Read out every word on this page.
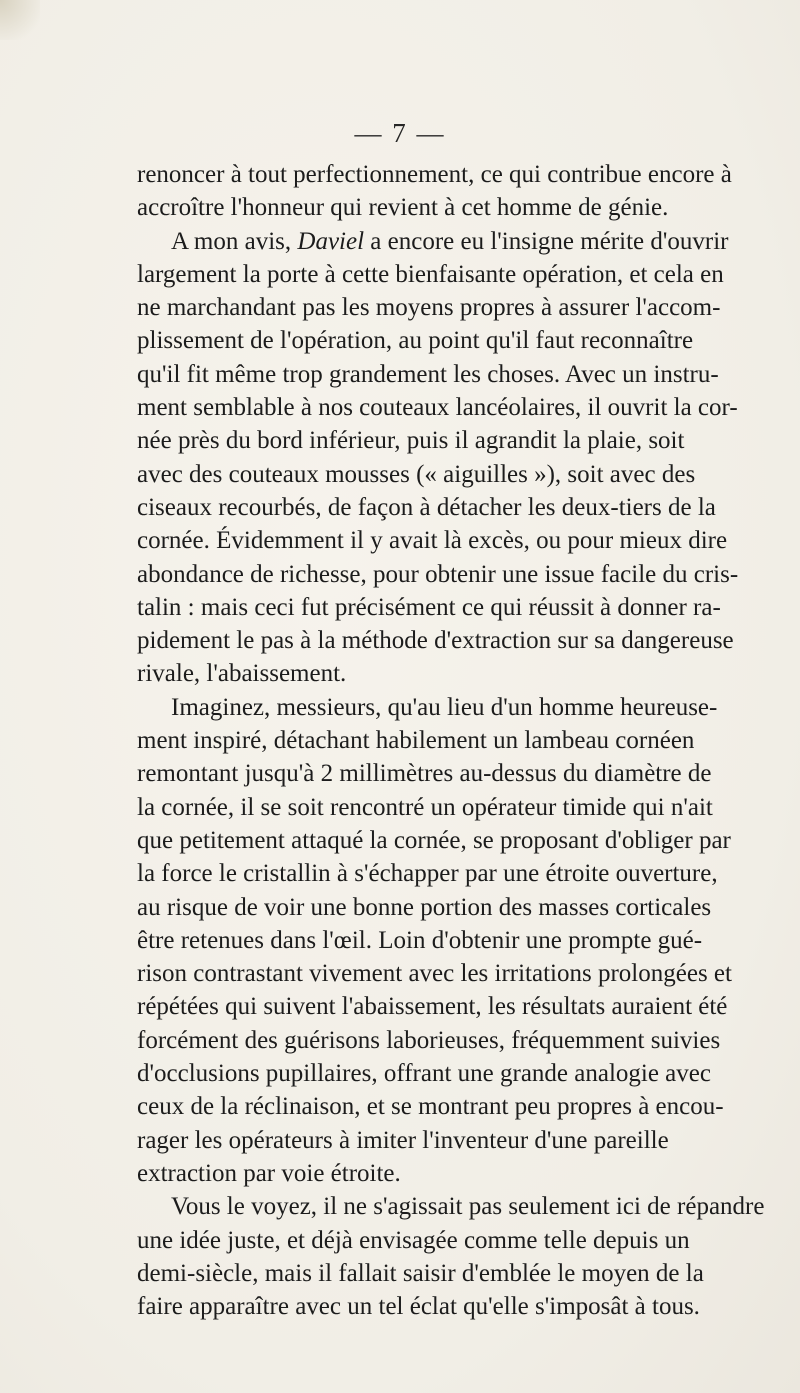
— 7 —
renoncer à tout perfectionnement, ce qui contribue encore à
accroître l'honneur qui revient à cet homme de génie.
A mon avis, Daviel a encore eu l'insigne mérite d'ouvrir
largement la porte à cette bienfaisante opération, et cela en
ne marchandant pas les moyens propres à assurer l'accom-
plissement de l'opération, au point qu'il faut reconnaître
qu'il fit même trop grandement les choses. Avec un instru-
ment semblable à nos couteaux lancéolaires, il ouvrit la cor-
née près du bord inférieur, puis il agrandit la plaie, soit
avec des couteaux mousses (« aiguilles »), soit avec des
ciseaux recourbés, de façon à détacher les deux-tiers de la
cornée. Évidemment il y avait là excès, ou pour mieux dire
abondance de richesse, pour obtenir une issue facile du cris-
talin : mais ceci fut précisément ce qui réussit à donner ra-
pidement le pas à la méthode d'extraction sur sa dangereuse
rivale, l'abaissement.
Imaginez, messieurs, qu'au lieu d'un homme heureuse-
ment inspiré, détachant habilement un lambeau cornéen
remontant jusqu'à 2 millimètres au-dessus du diamètre de
la cornée, il se soit rencontré un opérateur timide qui n'ait
que petitement attaqué la cornée, se proposant d'obliger par
la force le cristallin à s'échapper par une étroite ouverture,
au risque de voir une bonne portion des masses corticales
être retenues dans l'œil. Loin d'obtenir une prompte gué-
rison contrastant vivement avec les irritations prolongées et
répétées qui suivent l'abaissement, les résultats auraient été
forcément des guérisons laborieuses, fréquemment suivies
d'occlusions pupillaires, offrant une grande analogie avec
ceux de la réclinaison, et se montrant peu propres à encou-
rager les opérateurs à imiter l'inventeur d'une pareille
extraction par voie étroite.
Vous le voyez, il ne s'agissait pas seulement ici de répandre
une idée juste, et déjà envisagée comme telle depuis un
demi-siècle, mais il fallait saisir d'emblée le moyen de la
faire apparaître avec un tel éclat qu'elle s'imposât à tous.
